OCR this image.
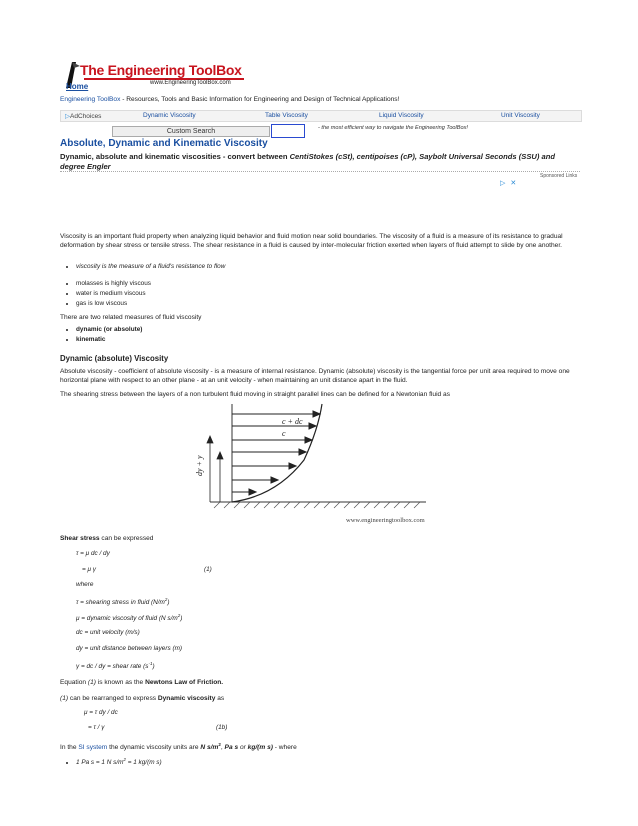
The Engineering ToolBox
www.EngineeringToolBox.com
Home
Engineering ToolBox - Resources, Tools and Basic Information for Engineering and Design of Technical Applications!
▷AdChoices	Dynamic Viscosity	Table Viscosity	Liquid Viscosity	Unit Viscosity
Custom Search	- the most efficient way to navigate the Engineering ToolBox!
Absolute, Dynamic and Kinematic Viscosity
Dynamic, absolute and kinematic viscosities - convert between CentiStokes (cSt), centipoises (cP), Saybolt Universal Seconds (SSU) and degree Engler
Sponsored Links
▷ ✕
Viscosity is an important fluid property when analyzing liquid behavior and fluid motion near solid boundaries. The viscosity of a fluid is a measure of its resistance to gradual deformation by shear stress or tensile stress. The shear resistance in a fluid is caused by inter-molecular friction exerted when layers of fluid attempt to slide by one another.
• viscosity is the measure of a fluid's resistance to flow
• molasses is highly viscous
• water is medium viscous
• gas is low viscous
There are two related measures of fluid viscosity
• dynamic (or absolute)
• kinematic
Dynamic (absolute) Viscosity
Absolute viscosity - coefficient of absolute viscosity - is a measure of internal resistance. Dynamic (absolute) viscosity is the tangential force per unit area required to move one horizontal plane with respect to an other plane - at an unit velocity - when maintaining an unit distance apart in the fluid.
The shearing stress between the layers of a non turbulent fluid moving in straight parallel lines can be defined for a Newtonian fluid as
c + dc
c
dy + y
www.engineeringtoolbox.com
Shear stress can be expressed
τ = μ dc / dy
= μ γ	(1)
where
τ = shearing stress in fluid $(N/m^2)$
μ = dynamic viscosity of fluid (N $s/m^2$)
dc = unit velocity (m/s)
dy = unit distance between layers (m)
γ = dc / dy = shear rate $(s^{-1})$
Equation (1) is known as the Newtons Law of Friction.
(1) can be rearranged to express Dynamic viscosity as
μ = τ dy / dc
= τ / γ	(1b)
In the SI system the dynamic viscosity units are N $s/m^2$, Pa s or kg/(m s) - where
• 1 Pa s = 1 N $s/m^2 = 1$ kg/(m s)
